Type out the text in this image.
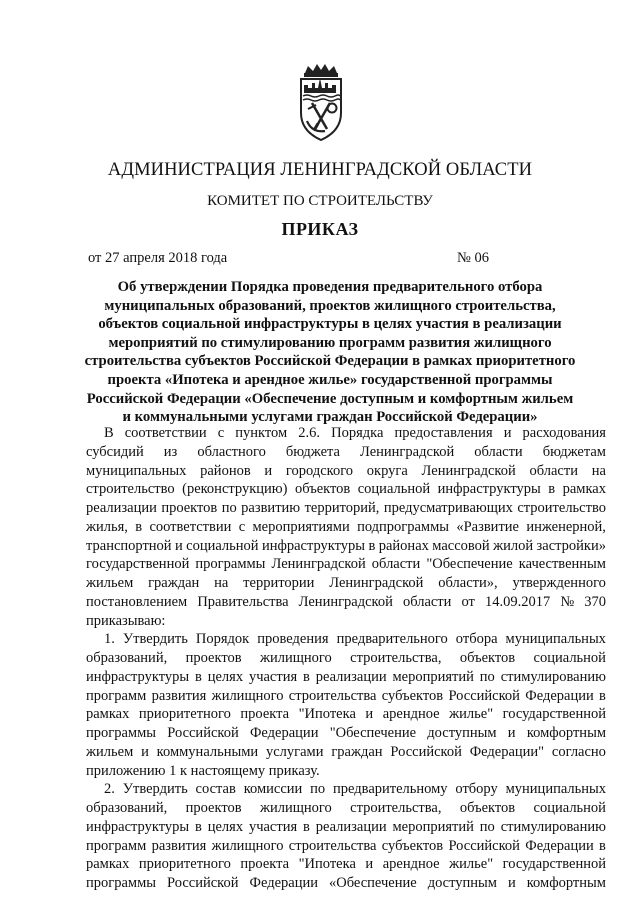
АДМИНИСТРАЦИЯ ЛЕНИНГРАДСКОЙ ОБЛАСТИ
КОМИТЕТ ПО СТРОИТЕЛЬСТВУ
ПРИКАЗ
от 27 апреля 2018 года	№ 06
Об утверждении Порядка проведения предварительного отбора
муниципальных образований, проектов жилищного строительства,
объектов социальной инфраструктуры в целях участия в реализации
мероприятий по стимулированию программ развития жилищного
строительства субъектов Российской Федерации в рамках приоритетного
проекта «Ипотека и арендное жилье» государственной программы
Российской Федерации «Обеспечение доступным и комфортным жильем
и коммунальными услугами граждан Российской Федерации»
В соответствии с пунктом 2.6. Порядка предоставления и расходования
субсидий из областного бюджета Ленинградской области бюджетам
муниципальных районов и городского округа Ленинградской области на
строительство (реконструкцию) объектов социальной инфраструктуры в рамках
реализации проектов по развитию территорий, предусматривающих строительство
жилья, в соответствии с мероприятиями подпрограммы «Развитие инженерной,
транспортной и социальной инфраструктуры в районах массовой жилой застройки»
государственной программы Ленинградской области "Обеспечение качественным
жильем граждан на территории Ленинградской области», утвержденного
постановлением Правительства Ленинградской области от 14.09.2017 № 370
приказываю:
1. Утвердить Порядок проведения предварительного отбора муниципальных
образований, проектов жилищного строительства, объектов социальной
инфраструктуры в целях участия в реализации мероприятий по стимулированию
программ развития жилищного строительства субъектов Российской Федерации в
рамках приоритетного проекта "Ипотека и арендное жилье" государственной
программы Российской Федерации "Обеспечение доступным и комфортным
жильем и коммунальными услугами граждан Российской Федерации" согласно
приложению 1 к настоящему приказу.
2. Утвердить состав комиссии по предварительному отбору муниципальных
образований, проектов жилищного строительства, объектов социальной
инфраструктуры в целях участия в реализации мероприятий по стимулированию
программ развития жилищного строительства субъектов Российской Федерации в
рамках приоритетного проекта "Ипотека и арендное жилье" государственной
программы Российской Федерации «Обеспечение доступным и комфортным
